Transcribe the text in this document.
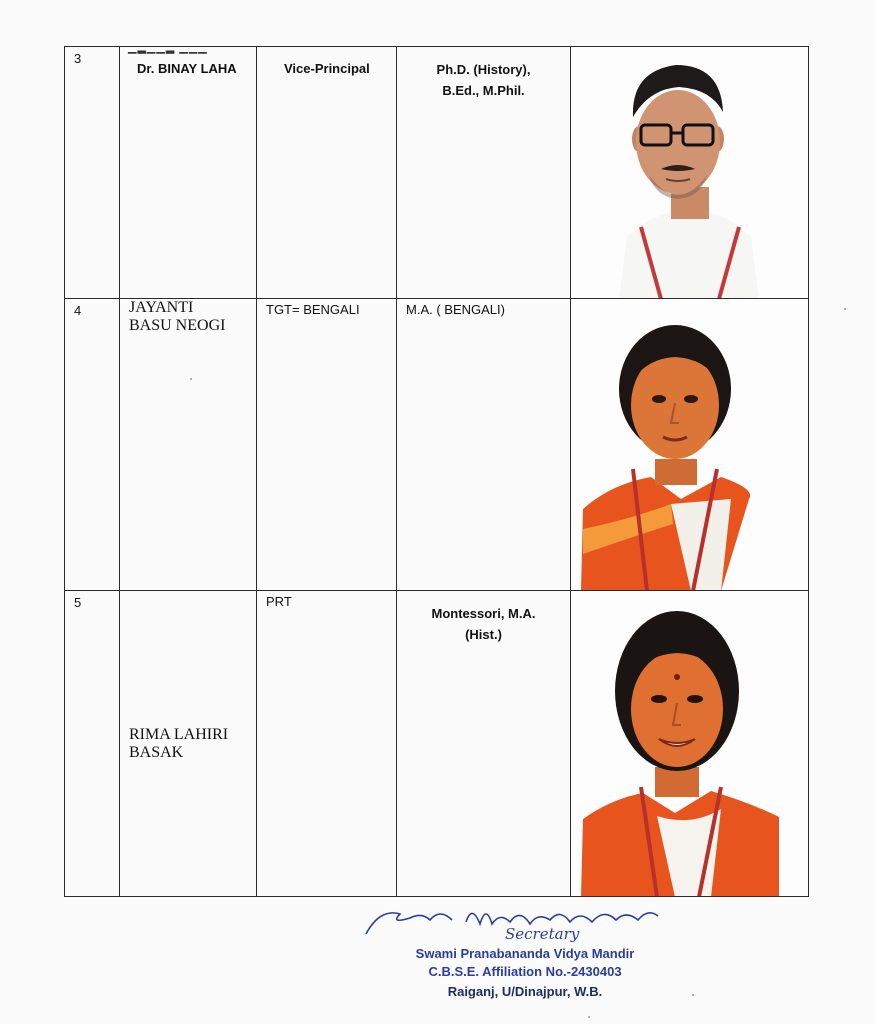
3	Dr. BINAY LAHA	Vice-Principal	Ph.D. (History),
B.Ed., M.Phil.

4	JAYANTI
BASU NEOGI	TGT= BENGALI	M.A. ( BENGALI)

5	RIMA LAHIRI
BASAK	PRT	Montessori, M.A.
(Hist.)

▁▂▁▁▂ ▁▁▁
Secretary
Swami Pranabananda Vidya Mandir
C.B.S.E. Affiliation No.-2430403
Raiganj, U/Dinajpur, W.B.
